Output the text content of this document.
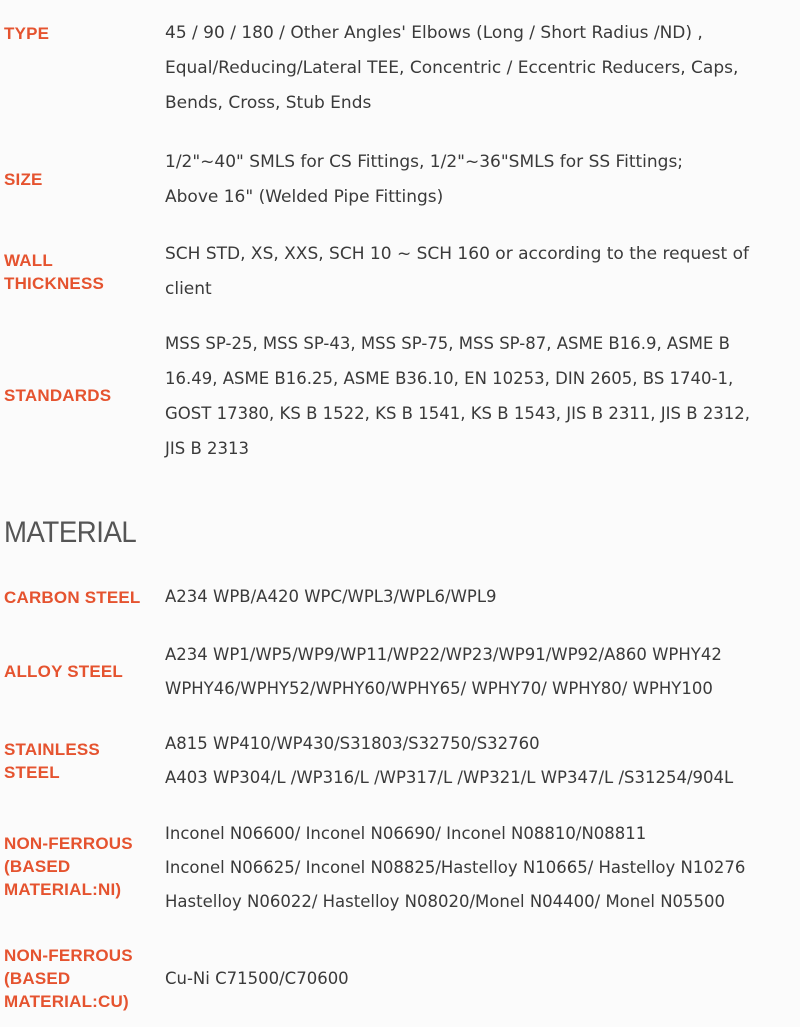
TYPE	45 / 90 / 180 / Other Angles' Elbows (Long / Short Radius /ND) ,
Equal/Reducing/Lateral TEE, Concentric / Eccentric Reducers, Caps,
Bends, Cross, Stub Ends
SIZE
1/2"~40" SMLS for CS Fittings, 1/2"~36"SMLS for SS Fittings;
Above 16" (Welded Pipe Fittings)
WALL
THICKNESS
SCH STD, XS, XXS, SCH 10 ~ SCH 160 or according to the request of
client
STANDARDS
MSS SP-25, MSS SP-43, MSS SP-75, MSS SP-87, ASME B16.9, ASME B
16.49, ASME B16.25, ASME B36.10, EN 10253, DIN 2605, BS 1740-1,
GOST 17380, KS B 1522, KS B 1541, KS B 1543, JIS B 2311, JIS B 2312,
JIS B 2313
MATERIAL
CARBON STEEL A234 WPB/A420 WPC/WPL3/WPL6/WPL9
ALLOY STEEL
A234 WP1/WP5/WP9/WP11/WP22/WP23/WP91/WP92/A860 WPHY42
WPHY46/WPHY52/WPHY60/WPHY65/ WPHY70/ WPHY80/ WPHY100
STAINLESS
STEEL
A815 WP410/WP430/S31803/S32750/S32760
A403 WP304/L /WP316/L /WP317/L /WP321/L WP347/L /S31254/904L
NON-FERROUS
(BASED
MATERIAL:NI)
Inconel N06600/ Inconel N06690/ Inconel N08810/N08811
Inconel N06625/ Inconel N08825/Hastelloy N10665/ Hastelloy N10276
Hastelloy N06022/ Hastelloy N08020/Monel N04400/ Monel N05500
NON-FERROUS
(BASED
MATERIAL:CU)
Cu-Ni C71500/C70600
